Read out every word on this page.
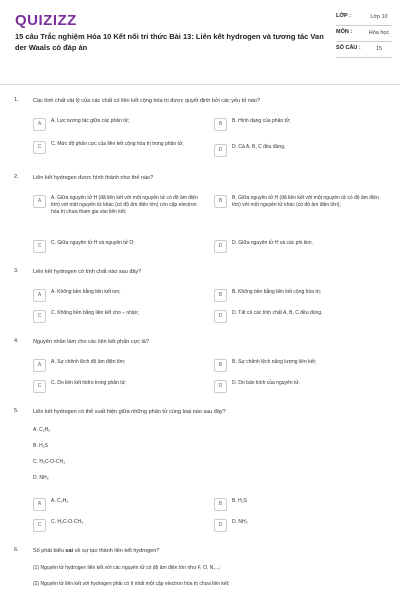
QUIZIZZ
15 câu Trắc nghiệm Hóa 10 Kết nối tri thức Bài 13: Liên kết hydrogen và tương tác Van der Waals có đáp án
LỚP :	Lớp 10
MÔN :	Hóa học
SỐ CÂU :	15
1.	Các tính chất vật lý của các chất có liên kết cộng hóa trị được quyết định bởi các yếu tố nào?
A	A. Lực tương tác giữa các phân tử;	B	B. Hình dạng của phân tử;
C	C. Mức độ phân cực của liên kết cộng hóa trị trong phân tử;
D	D. Cả A, B, C đều đúng.
2.	Liên kết hydrogen được hình thành như thế nào?
A	A. Giữa nguyên tử H (đã liên kết với một nguyên tử có độ âm điện lớn) với một nguyên tử khác (có độ âm điện lớn) còn cặp electron hóa trị chưa tham gia vào liên kết;
B	B. Giữa nguyên tử H (đã liên kết với một nguyên tử có độ âm điện lớn) với một nguyên tử khác (có độ âm điện lớn);
C	C. Giữa nguyên tử H và nguyên tử O;	D	D. Giữa nguyên tử H và các phi kim.
3.	Liên kết hydrogen có tính chất nào sau đây?
A	A. Không bền bằng liên kết ion;	B	B. Không bền bằng liên kết cộng hóa trị;
C	C. Không bền bằng liên kết cho – nhận;	D	D. Tất cả các tính chất A, B, C đều đúng.
4.	Nguyên nhân làm cho các liên kết phân cực là?
A	A. Sự chênh lệch độ âm điện lớn;	B	B. Sự chênh lệch năng lượng liên kết;
C	C. Do liên kết hidro trong phân tử;	D	D. Do bán kính của nguyên tử.
5.	Liên kết hydrogen có thể xuất hiện giữa những phân tử cùng loại nào sau đây?
A. C₂H₆
B. H₂S
C. H₃C-O-CH₃
D. NH₃
A	A. C₂H₆	B	B. H₂S
C	C. H₃C-O-CH₃	D	D. NH₃
6.	Số phát biểu sai về sự tạo thành liên kết hydrogen?
(1) Nguyên tử hydrogen liên kết với các nguyên tử có độ âm điện lớn như F, O, N,...;
(2) Nguyên tử liên kết với hydrogen phải có ít nhất một cặp electron hóa trị chưa liên kết;
